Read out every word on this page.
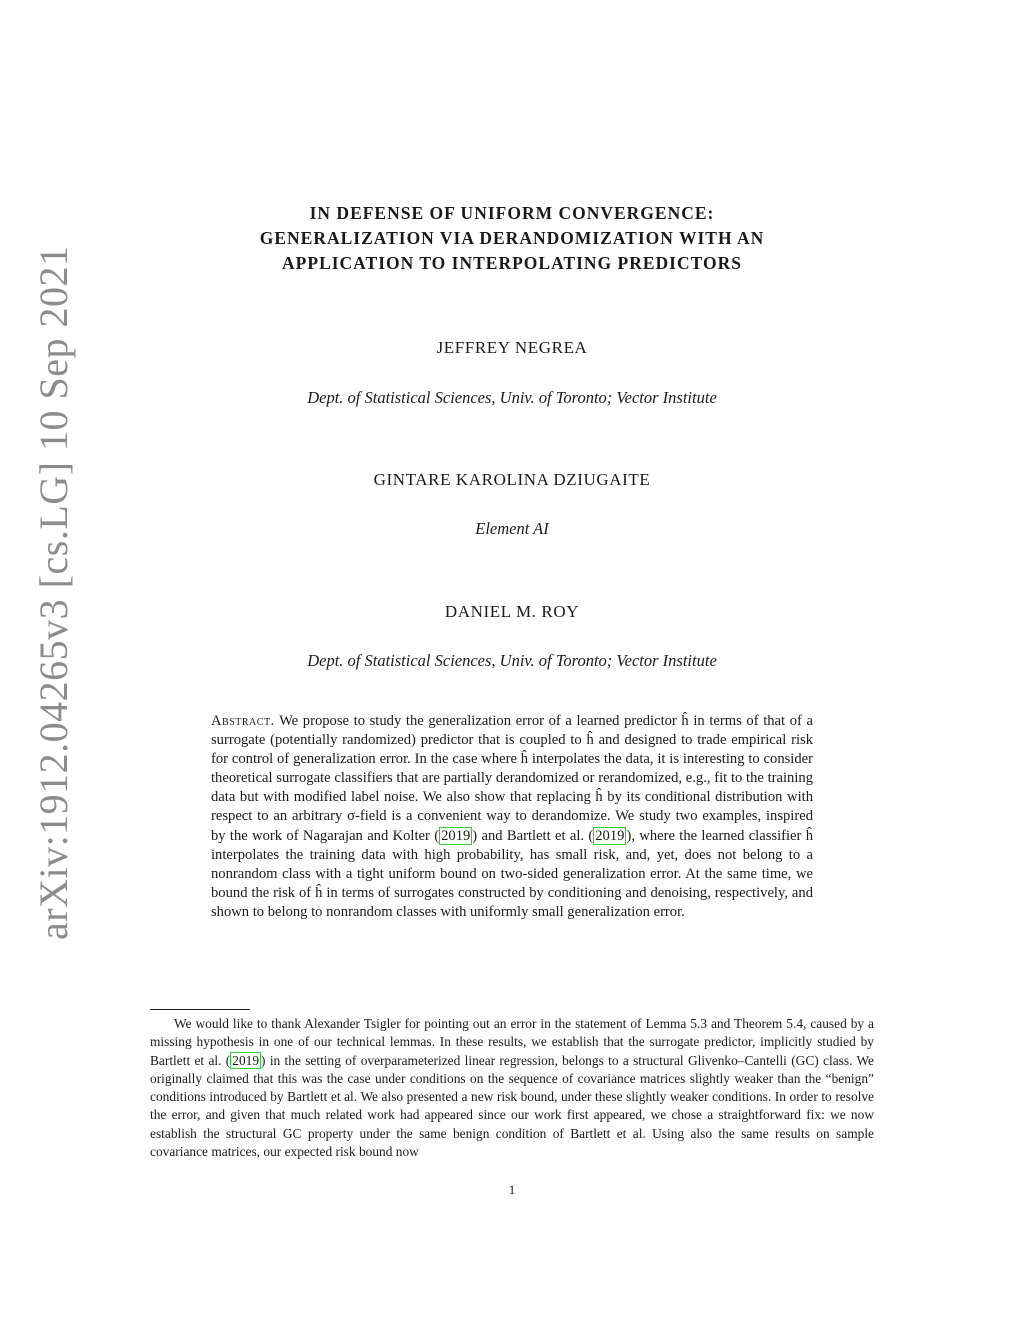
arXiv:1912.04265v3 [cs.LG] 10 Sep 2021
IN DEFENSE OF UNIFORM CONVERGENCE:
GENERALIZATION VIA DERANDOMIZATION WITH AN
APPLICATION TO INTERPOLATING PREDICTORS
JEFFREY NEGREA
Dept. of Statistical Sciences, Univ. of Toronto; Vector Institute
GINTARE KAROLINA DZIUGAITE
Element AI
DANIEL M. ROY
Dept. of Statistical Sciences, Univ. of Toronto; Vector Institute
Abstract. We propose to study the generalization error of a learned predictor ĥ in terms of that of a surrogate (potentially randomized) predictor that is coupled to ĥ and designed to trade empirical risk for control of generalization error. In the case where ĥ interpolates the data, it is interesting to consider theoretical surrogate classifiers that are partially derandomized or rerandomized, e.g., fit to the training data but with modified label noise. We also show that replacing ĥ by its conditional distribution with respect to an arbitrary σ-field is a convenient way to derandomize. We study two examples, inspired by the work of Nagarajan and Kolter ( 2019 ) and Bartlett et al. ( 2019 ), where the learned classifier ĥ interpolates the training data with high probability, has small risk, and, yet, does not belong to a nonrandom class with a tight uniform bound on two-sided generalization error. At the same time, we bound the risk of ĥ in terms of surrogates constructed by conditioning and denoising, respectively, and shown to belong to nonrandom classes with uniformly small generalization error.

We would like to thank Alexander Tsigler for pointing out an error in the statement of Lemma 5.3 and Theorem 5.4, caused by a missing hypothesis in one of our technical lemmas. In these results, we establish that the surrogate predictor, implicitly studied by Bartlett et al. ( 2019 ) in the setting of overparameterized linear regression, belongs to a structural Glivenko–Cantelli (GC) class. We originally claimed that this was the case under conditions on the sequence of covariance matrices slightly weaker than the “benign” conditions introduced by Bartlett et al. We also presented a new risk bound, under these slightly weaker conditions. In order to resolve the error, and given that much related work had appeared since our work first appeared, we chose a straightforward fix: we now establish the structural GC property under the same benign condition of Bartlett et al. Using also the same results on sample covariance matrices, our expected risk bound now

1
